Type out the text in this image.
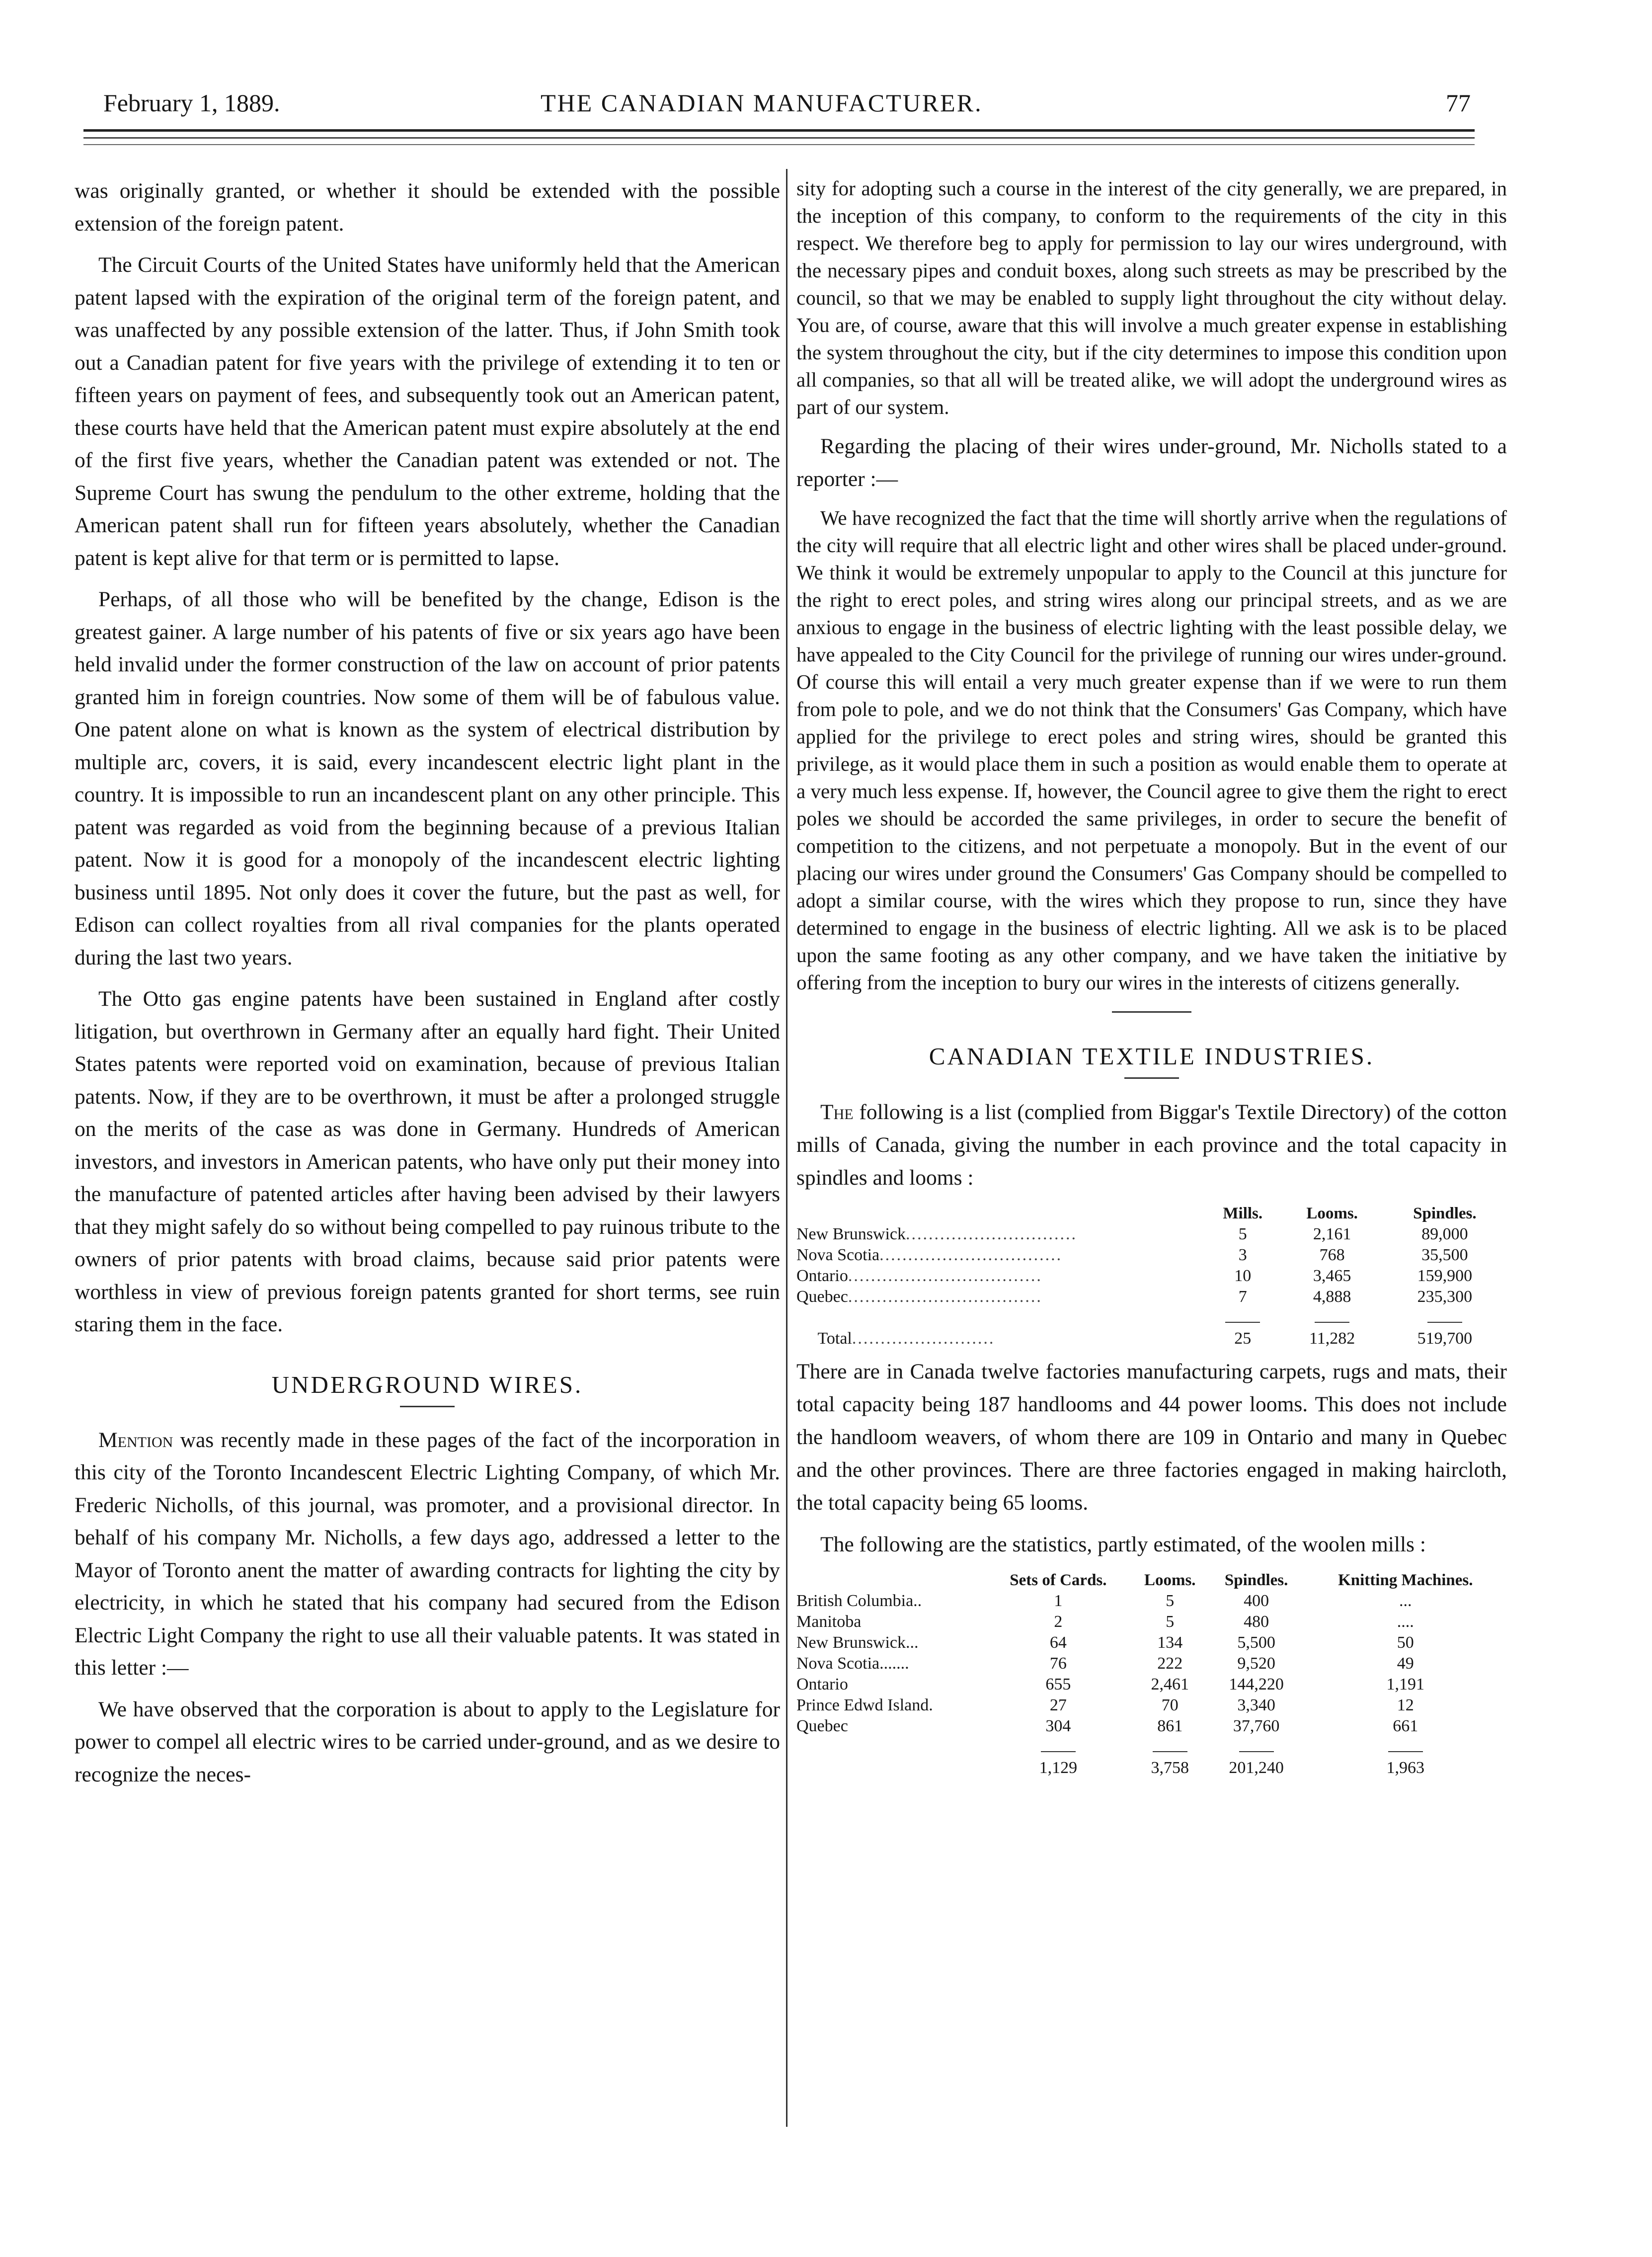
February 1, 1889.	THE CANADIAN MANUFACTURER.	77

was originally granted, or whether it should be extended with the possible extension of the foreign patent.

The Circuit Courts of the United States have uniformly held that the American patent lapsed with the expiration of the original term of the foreign patent, and was unaffected by any possible extension of the latter. Thus, if John Smith took out a Canadian patent for five years with the privilege of extending it to ten or fifteen years on payment of fees, and subsequently took out an American patent, these courts have held that the American patent must expire absolutely at the end of the first five years, whether the Canadian patent was extended or not. The Supreme Court has swung the pendulum to the other extreme, holding that the American patent shall run for fifteen years absolutely, whether the Canadian patent is kept alive for that term or is permitted to lapse.

Perhaps, of all those who will be benefited by the change, Edison is the greatest gainer. A large number of his patents of five or six years ago have been held invalid under the former construction of the law on account of prior patents granted him in foreign countries. Now some of them will be of fabulous value. One patent alone on what is known as the system of electrical distribution by multiple arc, covers, it is said, every incandescent electric light plant in the country. It is impossible to run an incandescent plant on any other principle. This patent was regarded as void from the beginning because of a previous Italian patent. Now it is good for a monopoly of the incandescent electric lighting business until 1895. Not only does it cover the future, but the past as well, for Edison can collect royalties from all rival companies for the plants operated during the last two years.

The Otto gas engine patents have been sustained in England after costly litigation, but overthrown in Germany after an equally hard fight. Their United States patents were reported void on examination, because of previous Italian patents. Now, if they are to be overthrown, it must be after a prolonged struggle on the merits of the case as was done in Germany. Hundreds of American investors, and investors in American patents, who have only put their money into the manufacture of patented articles after having been advised by their lawyers that they might safely do so without being compelled to pay ruinous tribute to the owners of prior patents with broad claims, because said prior patents were worthless in view of previous foreign patents granted for short terms, see ruin staring them in the face.

UNDERGROUND WIRES.

Mention was recently made in these pages of the fact of the incorporation in this city of the Toronto Incandescent Electric Lighting Company, of which Mr. Frederic Nicholls, of this journal, was promoter, and a provisional director. In behalf of his company Mr. Nicholls, a few days ago, addressed a letter to the Mayor of Toronto anent the matter of awarding contracts for lighting the city by electricity, in which he stated that his company had secured from the Edison Electric Light Company the right to use all their valuable patents. It was stated in this letter :—

We have observed that the corporation is about to apply to the Legislature for power to compel all electric wires to be carried under-ground, and as we desire to recognize the neces-

sity for adopting such a course in the interest of the city generally, we are prepared, in the inception of this company, to conform to the requirements of the city in this respect. We therefore beg to apply for permission to lay our wires underground, with the necessary pipes and conduit boxes, along such streets as may be prescribed by the council, so that we may be enabled to supply light throughout the city without delay. You are, of course, aware that this will involve a much greater expense in establishing the system throughout the city, but if the city determines to impose this condition upon all companies, so that all will be treated alike, we will adopt the underground wires as part of our system.

Regarding the placing of their wires under-ground, Mr. Nicholls stated to a reporter :—

We have recognized the fact that the time will shortly arrive when the regulations of the city will require that all electric light and other wires shall be placed under-ground. We think it would be extremely unpopular to apply to the Council at this juncture for the right to erect poles, and string wires along our principal streets, and as we are anxious to engage in the business of electric lighting with the least possible delay, we have appealed to the City Council for the privilege of running our wires under-ground. Of course this will entail a very much greater expense than if we were to run them from pole to pole, and we do not think that the Consumers' Gas Company, which have applied for the privilege to erect poles and string wires, should be granted this privilege, as it would place them in such a position as would enable them to operate at a very much less expense. If, however, the Council agree to give them the right to erect poles we should be accorded the same privileges, in order to secure the benefit of competition to the citizens, and not perpetuate a monopoly. But in the event of our placing our wires under ground the Consumers' Gas Company should be compelled to adopt a similar course, with the wires which they propose to run, since they have determined to engage in the business of electric lighting. All we ask is to be placed upon the same footing as any other company, and we have taken the initiative by offering from the inception to bury our wires in the interests of citizens generally.

CANADIAN TEXTILE INDUSTRIES.

The following is a list (complied from Biggar's Textile Directory) of the cotton mills of Canada, giving the number in each province and the total capacity in spindles and looms :

	Mills.	Looms.	Spindles.
New Brunswick..............................	5	2,161	89,000
Nova Scotia................................	3	768	35,500
Ontario..................................	10	3,465	159,900
Quebec..................................	7	4,888	235,300

Total.........................	25	11,282	519,700

There are in Canada twelve factories manufacturing carpets, rugs and mats, their total capacity being 187 handlooms and 44 power looms. This does not include the handloom weavers, of whom there are 109 in Ontario and many in Quebec and the other provinces. There are three factories engaged in making haircloth, the total capacity being 65 looms.

The following are the statistics, partly estimated, of the woolen mills :

	Sets of Cards.	Looms.	Spindles.	Knitting Machines.
British Columbia..	1	5	400	...
Manitoba	2	5	480	....
New Brunswick...	64	134	5,500	50
Nova Scotia.......	76	222	9,520	49
Ontario	655	2,461	144,220	1,191
Prince Edwd Island.	27	70	3,340	12
Quebec	304	861	37,760	661

	1,129	3,758	201,240	1,963
